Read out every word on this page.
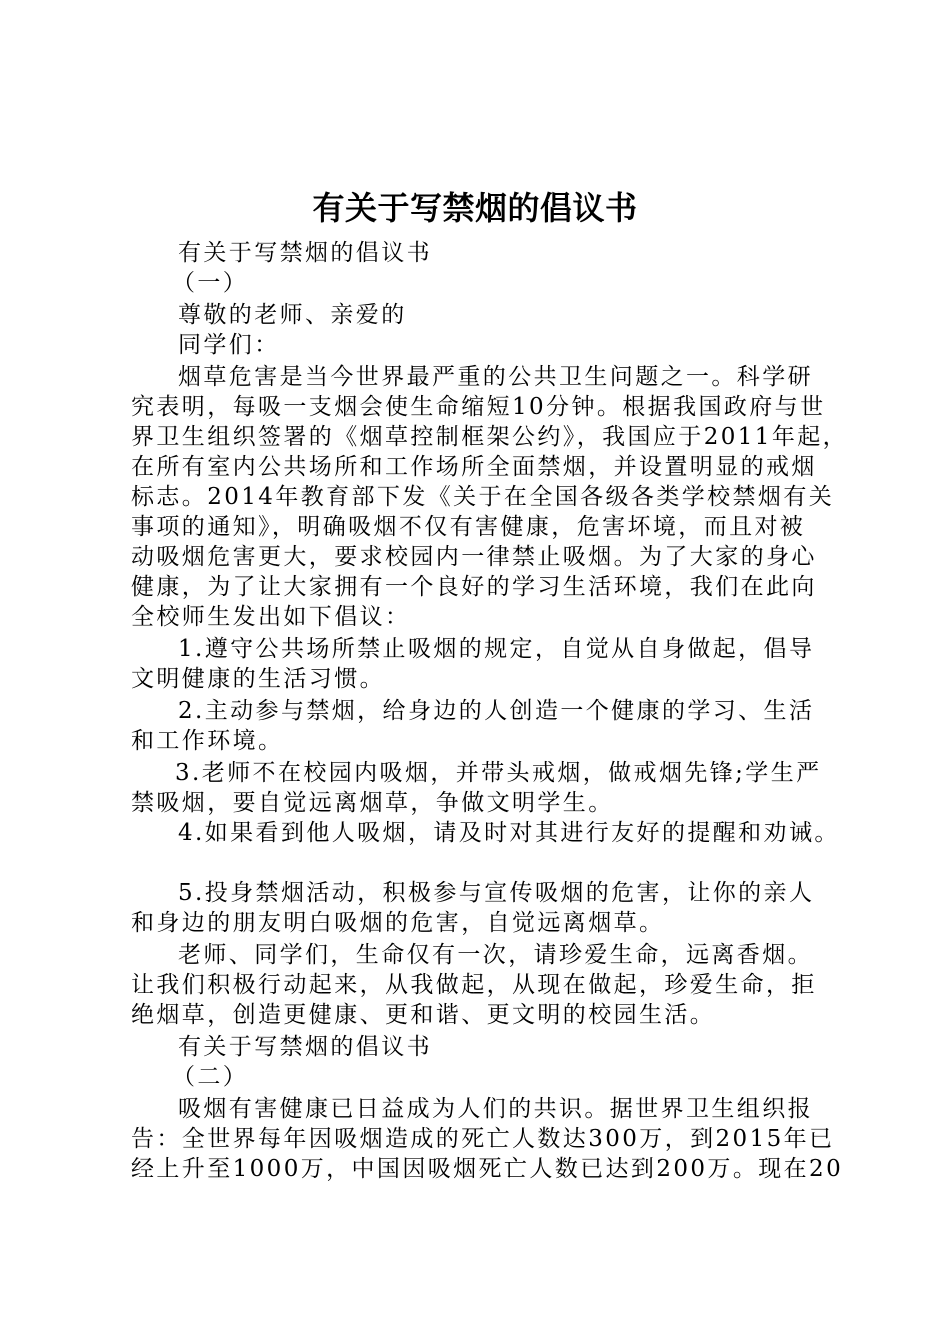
有关于写禁烟的倡议书
有关于写禁烟的倡议书
（一）
尊敬的老师、亲爱的
同学们：
烟草危害是当今世界最严重的公共卫生问题之一。科学研
究表明，每吸一支烟会使生命缩短10分钟。根据我国政府与世
界卫生组织签署的《烟草控制框架公约》，我国应于2011年起，
在所有室内公共场所和工作场所全面禁烟，并设置明显的戒烟
标志。2014年教育部下发《关于在全国各级各类学校禁烟有关
事项的通知》，明确吸烟不仅有害健康，危害坏境，而且对被
动吸烟危害更大，要求校园内一律禁止吸烟。为了大家的身心
健康，为了让大家拥有一个良好的学习生活环境，我们在此向
全校师生发出如下倡议：
1.遵守公共场所禁止吸烟的规定，自觉从自身做起，倡导
文明健康的生活习惯。
2.主动参与禁烟，给身边的人创造一个健康的学习、生活
和工作环境。
3.老师不在校园内吸烟，并带头戒烟，做戒烟先锋;学生严
禁吸烟，要自觉远离烟草，争做文明学生。
4.如果看到他人吸烟，请及时对其进行友好的提醒和劝诫。
5.投身禁烟活动，积极参与宣传吸烟的危害，让你的亲人
和身边的朋友明白吸烟的危害，自觉远离烟草。
老师、同学们，生命仅有一次，请珍爱生命，远离香烟。
让我们积极行动起来，从我做起，从现在做起，珍爱生命，拒
绝烟草，创造更健康、更和谐、更文明的校园生活。
有关于写禁烟的倡议书
（二）
吸烟有害健康已日益成为人们的共识。据世界卫生组织报
告：全世界每年因吸烟造成的死亡人数达300万，到2015年已
经上升至1000万，中国因吸烟死亡人数已达到200万。现在20
